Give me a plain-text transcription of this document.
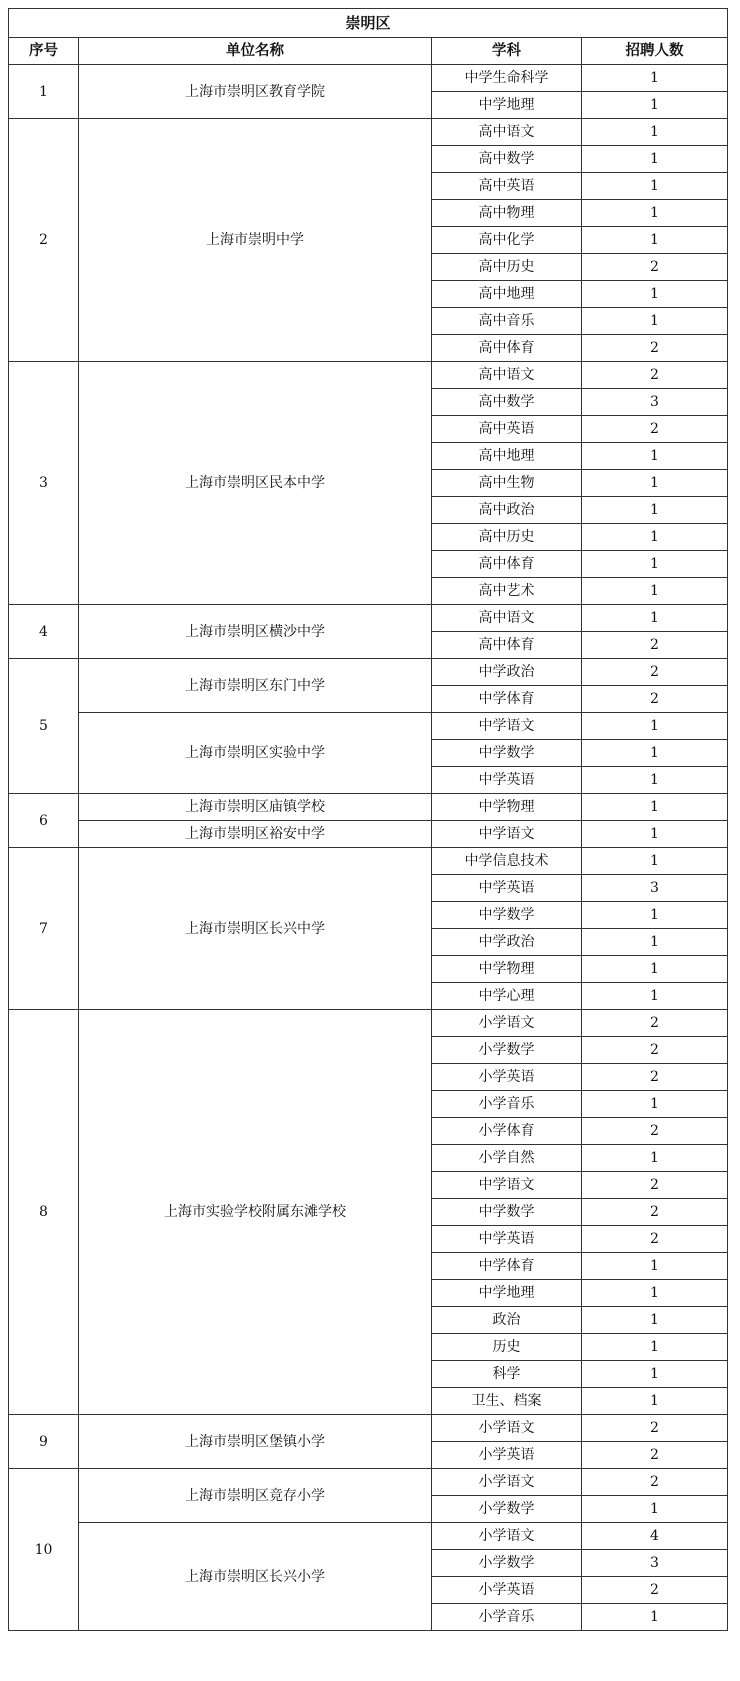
崇明区			
序号	单位名称	学科	招聘人数
1	上海市崇明区教育学院	中学生命科学	1
		中学地理	1
2	上海市崇明中学	高中语文	1
		高中数学	1
		高中英语	1
		高中物理	1
		高中化学	1
		高中历史	2
		高中地理	1
		高中音乐	1
		高中体育	2
3	上海市崇明区民本中学	高中语文	2
		高中数学	3
		高中英语	2
		高中地理	1
		高中生物	1
		高中政治	1
		高中历史	1
		高中体育	1
		高中艺术	1
4	上海市崇明区横沙中学	高中语文	1
		高中体育	2
5	上海市崇明区东门中学	中学政治	2
		中学体育	2
	上海市崇明区实验中学	中学语文	1
		中学数学	1
		中学英语	1
6	上海市崇明区庙镇学校	中学物理	1
	上海市崇明区裕安中学	中学语文	1
7	上海市崇明区长兴中学	中学信息技术	1
		中学英语	3
		中学数学	1
		中学政治	1
		中学物理	1
		中学心理	1
8	上海市实验学校附属东滩学校	小学语文	2
		小学数学	2
		小学英语	2
		小学音乐	1
		小学体育	2
		小学自然	1
		中学语文	2
		中学数学	2
		中学英语	2
		中学体育	1
		中学地理	1
		政治	1
		历史	1
		科学	1
		卫生、档案	1
9	上海市崇明区堡镇小学	小学语文	2
		小学英语	2
10	上海市崇明区竞存小学	小学语文	2
		小学数学	1
	上海市崇明区长兴小学	小学语文	4
		小学数学	3
		小学英语	2
		小学音乐	1
